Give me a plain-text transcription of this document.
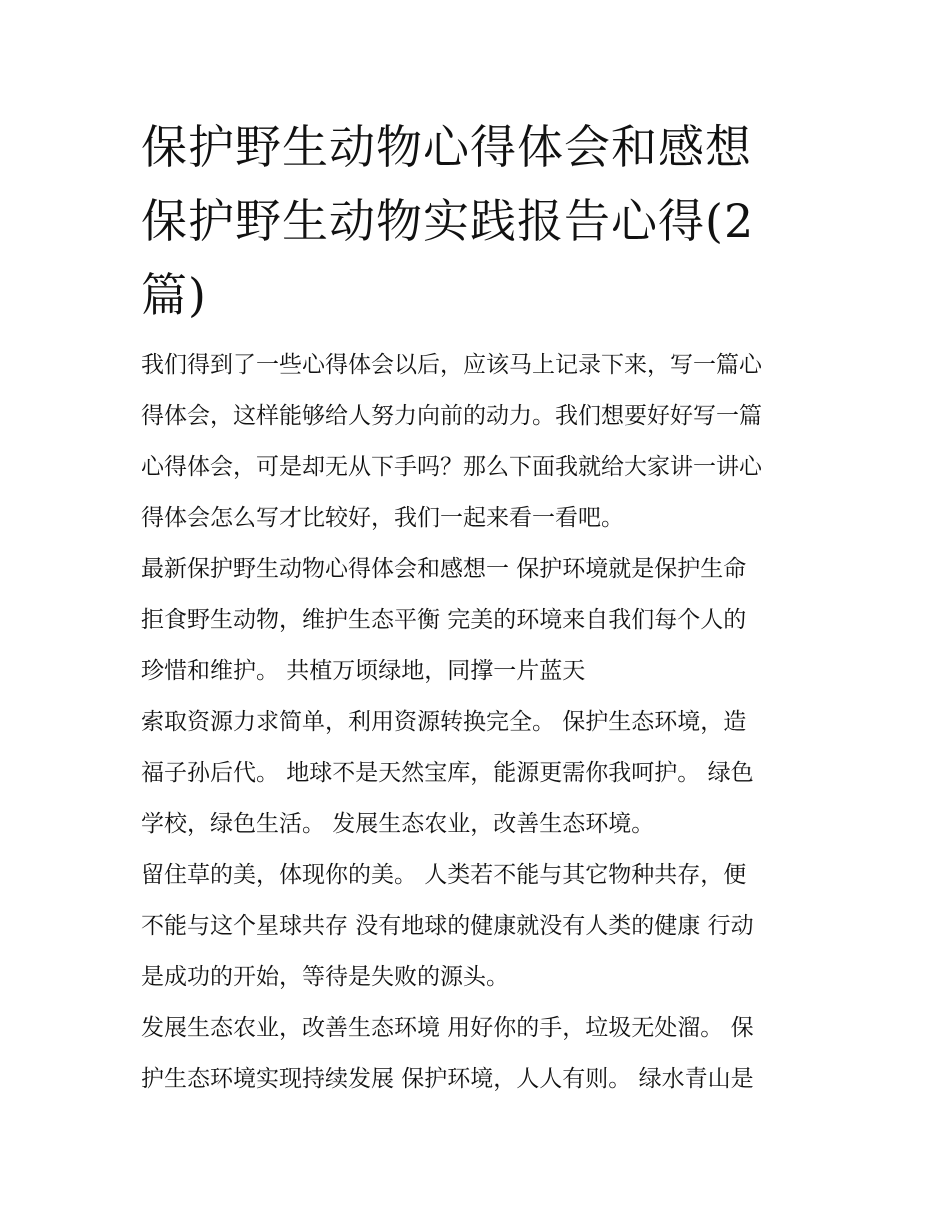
保护野生动物心得体会和感想
保护野生动物实践报告心得(2
篇)

我们得到了一些心得体会以后，应该马上记录下来，写一篇心
得体会，这样能够给人努力向前的动力。我们想要好好写一篇
心得体会，可是却无从下手吗？那么下面我就给大家讲一讲心
得体会怎么写才比较好，我们一起来看一看吧。

最新保护野生动物心得体会和感想一 保护环境就是保护生命
拒食野生动物，维护生态平衡 完美的环境来自我们每个人的
珍惜和维护。 共植万顷绿地，同撑一片蓝天

索取资源力求简单，利用资源转换完全。 保护生态环境，造
福子孙后代。 地球不是天然宝库，能源更需你我呵护。 绿色
学校，绿色生活。 发展生态农业，改善生态环境。

留住草的美，体现你的美。 人类若不能与其它物种共存，便
不能与这个星球共存 没有地球的健康就没有人类的健康 行动
是成功的开始，等待是失败的源头。

发展生态农业，改善生态环境 用好你的手，垃圾无处溜。 保
护生态环境实现持续发展 保护环境，人人有则。 绿水青山是
